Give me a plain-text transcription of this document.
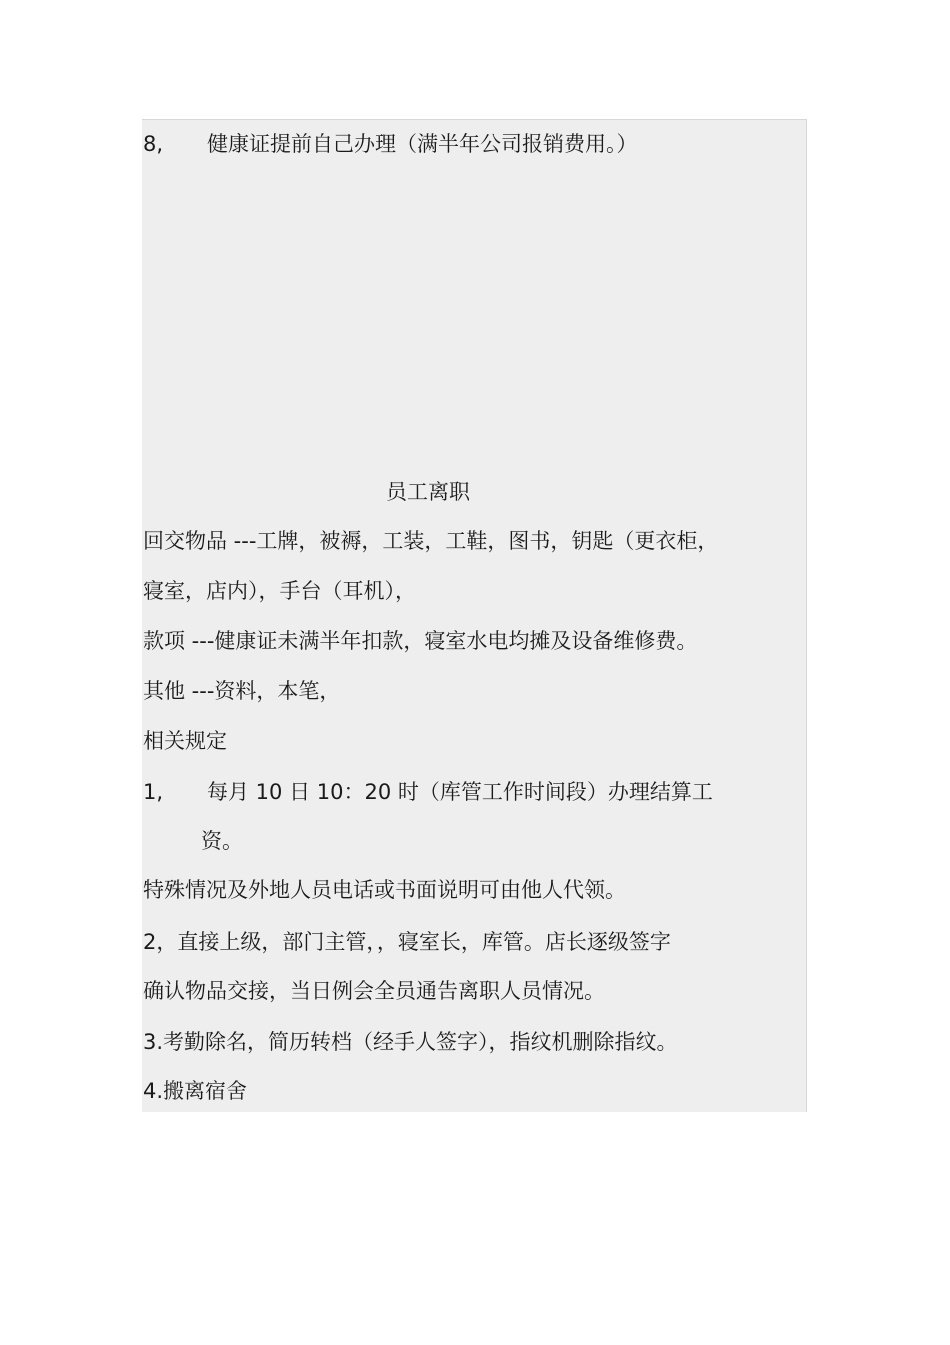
8, 健康证提前自己办理（满半年公司报销费用。）
员工离职
回交物品 ---工牌，被褥，工装，工鞋，图书，钥匙（更衣柜，
寝室，店内），手台（耳机），
款项 ---健康证未满半年扣款，寝室水电均摊及设备维修费。
其他 ---资料，本笔，
相关规定
1, 每月 10 日 10：20 时（库管工作时间段）办理结算工
资。
特殊情况及外地人员电话或书面说明可由他人代领。
2，直接上级，部门主管，，寝室长，库管。店长逐级签字
确认物品交接，当日例会全员通告离职人员情况。
3.考勤除名，简历转档（经手人签字），指纹机删除指纹。
4.搬离宿舍
